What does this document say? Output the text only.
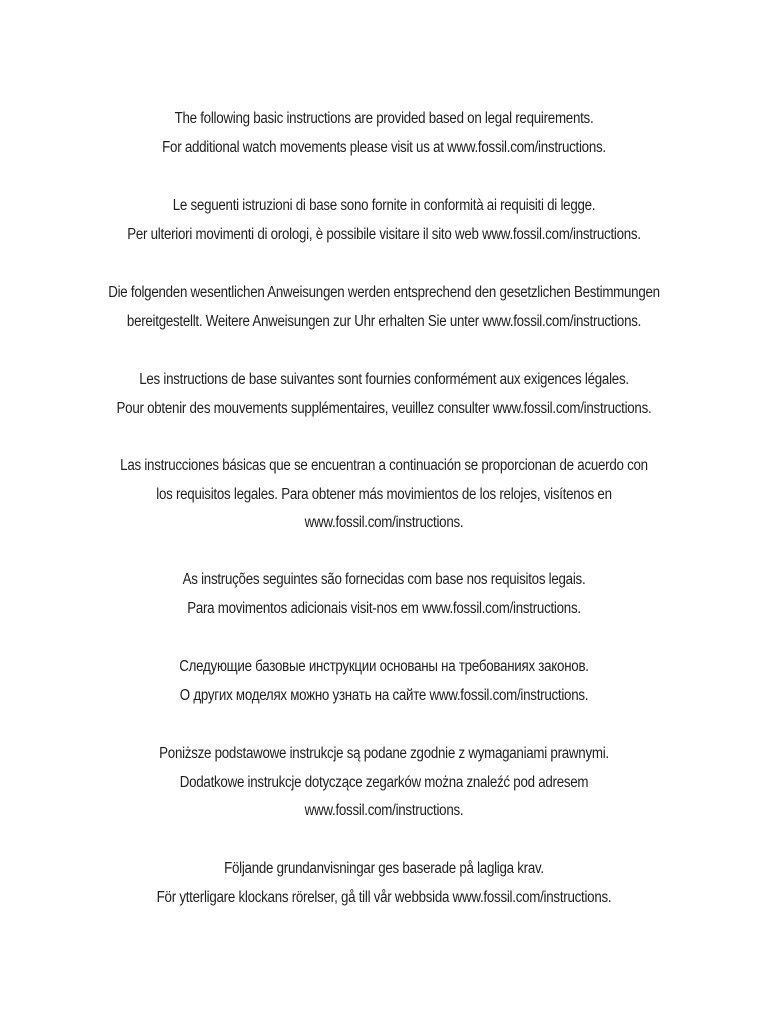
The following basic instructions are provided based on legal requirements.
For additional watch movements please visit us at www.fossil.com/instructions.
Le seguenti istruzioni di base sono fornite in conformità ai requisiti di legge.
Per ulteriori movimenti di orologi, è possibile visitare il sito web www.fossil.com/instructions.
Die folgenden wesentlichen Anweisungen werden entsprechend den gesetzlichen Bestimmungen
bereitgestellt. Weitere Anweisungen zur Uhr erhalten Sie unter www.fossil.com/instructions.
Les instructions de base suivantes sont fournies conformément aux exigences légales.
Pour obtenir des mouvements supplémentaires, veuillez consulter www.fossil.com/instructions.
Las instrucciones básicas que se encuentran a continuación se proporcionan de acuerdo con
los requisitos legales. Para obtener más movimientos de los relojes, visítenos en
www.fossil.com/instructions.
As instruções seguintes são fornecidas com base nos requisitos legais.
Para movimentos adicionais visit-nos em www.fossil.com/instructions.
Следующие базовые инструкции основаны на требованиях законов.
О других моделях можно узнать на сайте www.fossil.com/instructions.
Poniższe podstawowe instrukcje są podane zgodnie z wymaganiami prawnymi.
Dodatkowe instrukcje dotyczące zegarków można znaleźć pod adresem
www.fossil.com/instructions.
Följande grundanvisningar ges baserade på lagliga krav.
För ytterligare klockans rörelser, gå till vår webbsida www.fossil.com/instructions.
